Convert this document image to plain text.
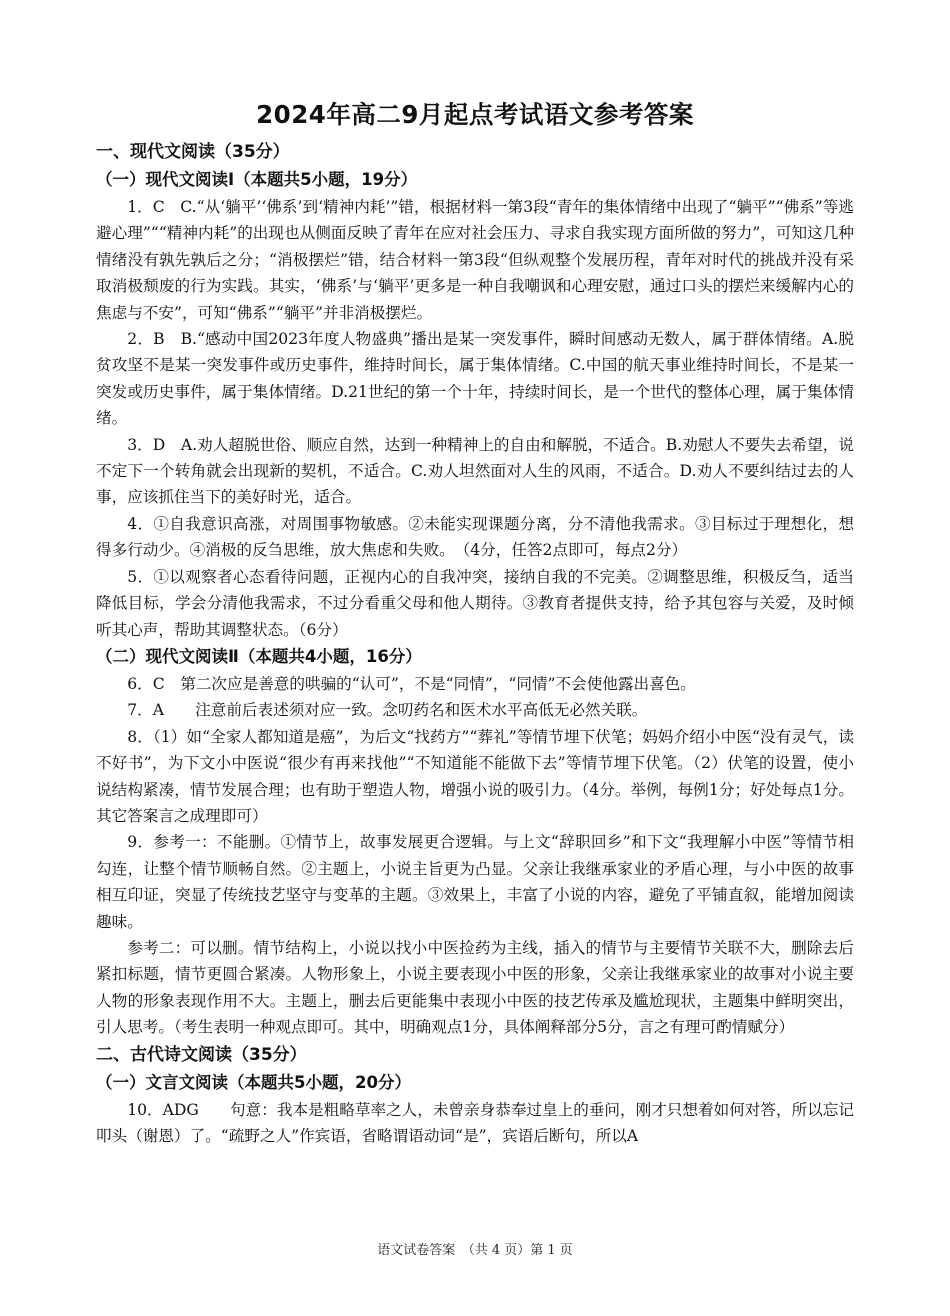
2024年高二9月起点考试语文参考答案
一、现代文阅读（35分）
（一）现代文阅读Ⅰ（本题共5小题，19分）

1．C　C.“从‘躺平’‘佛系’到‘精神内耗’”错，根据材料一第3段“青年的集体情绪中出现了“躺平”“佛系”等逃避心理”““精神内耗”的出现也从侧面反映了青年在应对社会压力、寻求自我实现方面所做的努力”，可知这几种情绪没有孰先孰后之分；“消极摆烂”错，结合材料一第3段“但纵观整个发展历程，青年对时代的挑战并没有采取消极颓废的行为实践。其实，‘佛系’与‘躺平’更多是一种自我嘲讽和心理安慰，通过口头的摆烂来缓解内心的焦虑与不安”，可知“佛系”“躺平”并非消极摆烂。

2．B　B.“感动中国2023年度人物盛典”播出是某一突发事件，瞬时间感动无数人，属于群体情绪。A.脱贫攻坚不是某一突发事件或历史事件，维持时间长，属于集体情绪。C.中国的航天事业维持时间长，不是某一突发或历史事件，属于集体情绪。D.21世纪的第一个十年，持续时间长，是一个世代的整体心理，属于集体情绪。

3．D　A.劝人超脱世俗、顺应自然，达到一种精神上的自由和解脱，不适合。B.劝慰人不要失去希望，说不定下一个转角就会出现新的契机，不适合。C.劝人坦然面对人生的风雨，不适合。D.劝人不要纠结过去的人事，应该抓住当下的美好时光，适合。

4．①自我意识高涨，对周围事物敏感。②未能实现课题分离，分不清他我需求。③目标过于理想化，想得多行动少。④消极的反刍思维，放大焦虑和失败。　（4分，任答2点即可，每点2分）

5．①以观察者心态看待问题，正视内心的自我冲突，接纳自我的不完美。②调整思维，积极反刍，适当降低目标，学会分清他我需求，不过分看重父母和他人期待。③教育者提供支持，给予其包容与关爱，及时倾听其心声，帮助其调整状态。（6分）

（二）现代文阅读Ⅱ（本题共4小题，16分）

6．C　第二次应是善意的哄骗的“认可”，不是“同情”，“同情”不会使他露出喜色。

7．A　　注意前后表述须对应一致。念叨药名和医术水平高低无必然关联。

8．（1）如“全家人都知道是癌”，为后文“找药方”“葬礼”等情节埋下伏笔；妈妈介绍小中医“没有灵气，读不好书”，为下文小中医说“很少有再来找他”“不知道能不能做下去”等情节埋下伏笔。（2）伏笔的设置，使小说结构紧凑，情节发展合理；也有助于塑造人物，增强小说的吸引力。（4分。举例，每例1分；好处每点1分。其它答案言之成理即可）

9．参考一：不能删。①情节上，故事发展更合逻辑。与上文“辞职回乡”和下文“我理解小中医”等情节相勾连，让整个情节顺畅自然。②主题上，小说主旨更为凸显。父亲让我继承家业的矛盾心理，与小中医的故事相互印证，突显了传统技艺坚守与变革的主题。③效果上，丰富了小说的内容，避免了平铺直叙，能增加阅读趣味。

参考二：可以删。情节结构上，小说以找小中医捡药为主线，插入的情节与主要情节关联不大，删除去后紧扣标题，情节更圆合紧凑。人物形象上，小说主要表现小中医的形象，父亲让我继承家业的故事对小说主要人物的形象表现作用不大。主题上，删去后更能集中表现小中医的技艺传承及尴尬现状，主题集中鲜明突出，引人思考。（考生表明一种观点即可。其中，明确观点1分，具体阐释部分5分，言之有理可酌情赋分）

二、古代诗文阅读（35分）
（一）文言文阅读（本题共5小题，20分）

10．ADG　　句意：我本是粗略草率之人，未曾亲身恭奉过皇上的垂问，刚才只想着如何对答，所以忘记叩头（谢恩）了。“疏野之人”作宾语，省略谓语动词“是”，宾语后断句，所以A

语文试卷答案　（共 4 页）第 1 页
